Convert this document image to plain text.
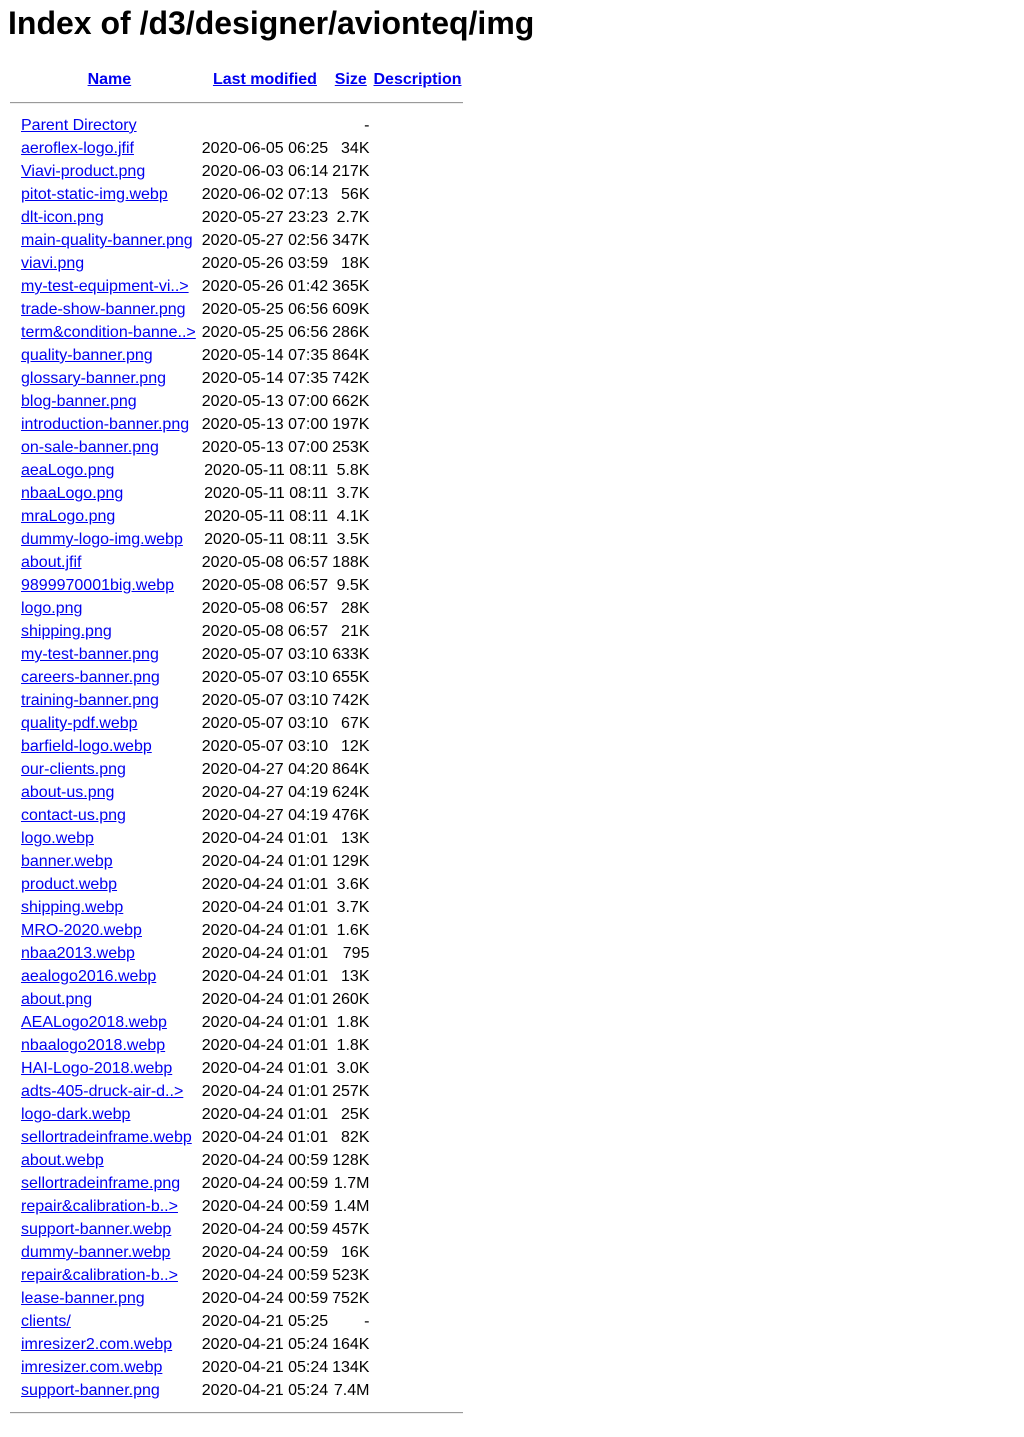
Index of /d3/designer/avionteq/img
	Name	Last modified	Size	Description

	Parent Directory		-	
	aeroflex-logo.jfif	2020-06-05 06:25	34K	
	Viavi-product.png	2020-06-03 06:14	217K	
	pitot-static-img.webp	2020-06-02 07:13	56K	
	dlt-icon.png	2020-05-27 23:23	2.7K	
	main-quality-banner.png	2020-05-27 02:56	347K	
	viavi.png	2020-05-26 03:59	18K	
	my-test-equipment-vi..>	2020-05-26 01:42	365K	
	trade-show-banner.png	2020-05-25 06:56	609K	
	term&condition-banne..>	2020-05-25 06:56	286K	
	quality-banner.png	2020-05-14 07:35	864K	
	glossary-banner.png	2020-05-14 07:35	742K	
	blog-banner.png	2020-05-13 07:00	662K	
	introduction-banner.png	2020-05-13 07:00	197K	
	on-sale-banner.png	2020-05-13 07:00	253K	
	aeaLogo.png	2020-05-11 08:11	5.8K	
	nbaaLogo.png	2020-05-11 08:11	3.7K	
	mraLogo.png	2020-05-11 08:11	4.1K	
	dummy-logo-img.webp	2020-05-11 08:11	3.5K	
	about.jfif	2020-05-08 06:57	188K	
	9899970001big.webp	2020-05-08 06:57	9.5K	
	logo.png	2020-05-08 06:57	28K	
	shipping.png	2020-05-08 06:57	21K	
	my-test-banner.png	2020-05-07 03:10	633K	
	careers-banner.png	2020-05-07 03:10	655K	
	training-banner.png	2020-05-07 03:10	742K	
	quality-pdf.webp	2020-05-07 03:10	67K	
	barfield-logo.webp	2020-05-07 03:10	12K	
	our-clients.png	2020-04-27 04:20	864K	
	about-us.png	2020-04-27 04:19	624K	
	contact-us.png	2020-04-27 04:19	476K	
	logo.webp	2020-04-24 01:01	13K	
	banner.webp	2020-04-24 01:01	129K	
	product.webp	2020-04-24 01:01	3.6K	
	shipping.webp	2020-04-24 01:01	3.7K	
	MRO-2020.webp	2020-04-24 01:01	1.6K	
	nbaa2013.webp	2020-04-24 01:01	795	
	aealogo2016.webp	2020-04-24 01:01	13K	
	about.png	2020-04-24 01:01	260K	
	AEALogo2018.webp	2020-04-24 01:01	1.8K	
	nbaalogo2018.webp	2020-04-24 01:01	1.8K	
	HAI-Logo-2018.webp	2020-04-24 01:01	3.0K	
	adts-405-druck-air-d..>	2020-04-24 01:01	257K	
	logo-dark.webp	2020-04-24 01:01	25K	
	sellortradeinframe.webp	2020-04-24 01:01	82K	
	about.webp	2020-04-24 00:59	128K	
	sellortradeinframe.png	2020-04-24 00:59	1.7M	
	repair&calibration-b..>	2020-04-24 00:59	1.4M	
	support-banner.webp	2020-04-24 00:59	457K	
	dummy-banner.webp	2020-04-24 00:59	16K	
	repair&calibration-b..>	2020-04-24 00:59	523K	
	lease-banner.png	2020-04-24 00:59	752K	
	clients/	2020-04-21 05:25	-	
	imresizer2.com.webp	2020-04-21 05:24	164K	
	imresizer.com.webp	2020-04-21 05:24	134K	
	support-banner.png	2020-04-21 05:24	7.4M	
